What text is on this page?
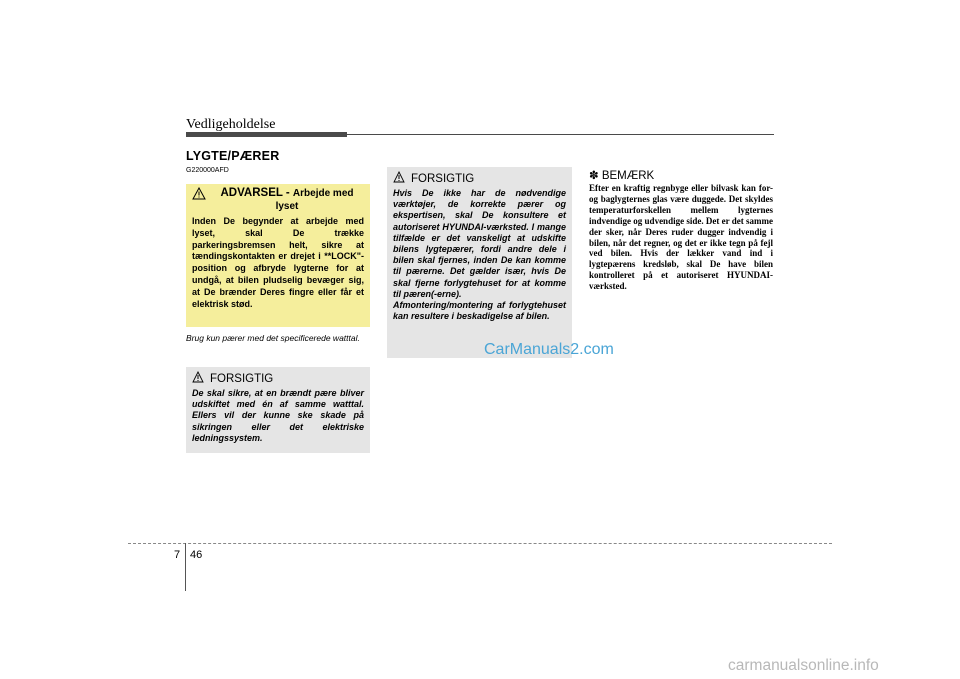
Vedligeholdelse
LYGTE/PÆRER
G220000AFD
ADVARSEL - Arbejde med
lyset
Inden De begynder at arbejde med lyset, skal De trække parkeringsbremsen helt, sikre at tændingskontakten er drejet i **LOCK"-position og afbryde lygterne for at undgå, at bilen pludselig bevæger sig, at De brænder Deres fingre eller får et elektrisk stød.
Brug kun pærer med det specificerede watttal.
FORSIGTIG
De skal sikre, at en brændt pære bliver udskiftet med én af samme watttal. Ellers vil der kunne ske skade på sikringen eller det elektriske ledningssystem.
FORSIGTIG
Hvis De ikke har de nødvendige værktøjer, de korrekte pærer og ekspertisen, skal De konsultere et autoriseret HYUNDAI-værksted. I mange tilfælde er det vanskeligt at udskifte bilens lygtepærer, fordi andre dele i bilen skal fjernes, inden De kan komme til pærerne. Det gælder især, hvis De skal fjerne forlygtehuset for at komme til pæren(-erne).
Afmontering/montering af forlygtehuset kan resultere i beskadigelse af bilen.
✽ BEMÆRK
Efter en kraftig regnbyge eller bilvask kan for- og baglygternes glas være duggede. Det skyldes temperaturforskellen mellem lygternes indvendige og udvendige side. Det er det samme der sker, når Deres ruder dugger indvendig i bilen, når det regner, og det er ikke tegn på fejl ved bilen. Hvis der lækker vand ind i lygtepærens kredsløb, skal De have bilen kontrolleret på et autoriseret HYUNDAI-værksted.
CarManuals2.com
7 46
carmanualsonline.info
